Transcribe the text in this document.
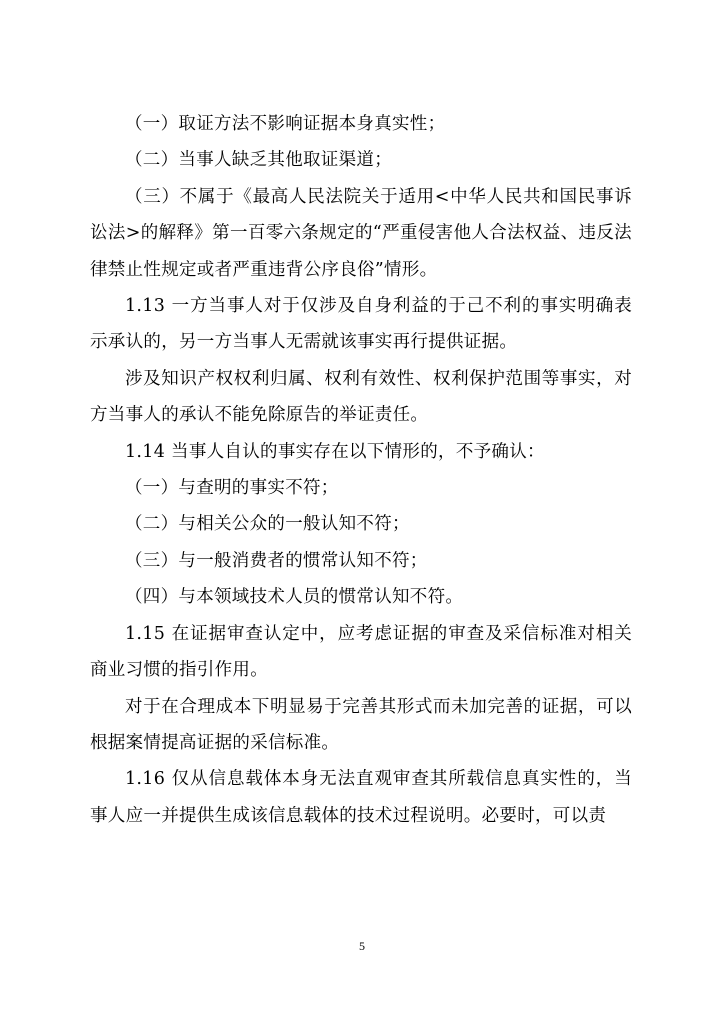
（一）取证方法不影响证据本身真实性；

（二）当事人缺乏其他取证渠道；

（三）不属于《最高人民法院关于适用<中华人民共和国民事诉讼法>的解释》第一百零六条规定的“严重侵害他人合法权益、违反法律禁止性规定或者严重违背公序良俗”情形。

1.13 一方当事人对于仅涉及自身利益的于己不利的事实明确表示承认的，另一方当事人无需就该事实再行提供证据。

涉及知识产权权利归属、权利有效性、权利保护范围等事实，对方当事人的承认不能免除原告的举证责任。

1.14 当事人自认的事实存在以下情形的，不予确认：

（一）与查明的事实不符；

（二）与相关公众的一般认知不符；

（三）与一般消费者的惯常认知不符；

（四）与本领域技术人员的惯常认知不符。

1.15 在证据审查认定中，应考虑证据的审查及采信标准对相关商业习惯的指引作用。

对于在合理成本下明显易于完善其形式而未加完善的证据，可以根据案情提高证据的采信标准。

1.16 仅从信息载体本身无法直观审查其所载信息真实性的，当事人应一并提供生成该信息载体的技术过程说明。必要时，可以责

5
